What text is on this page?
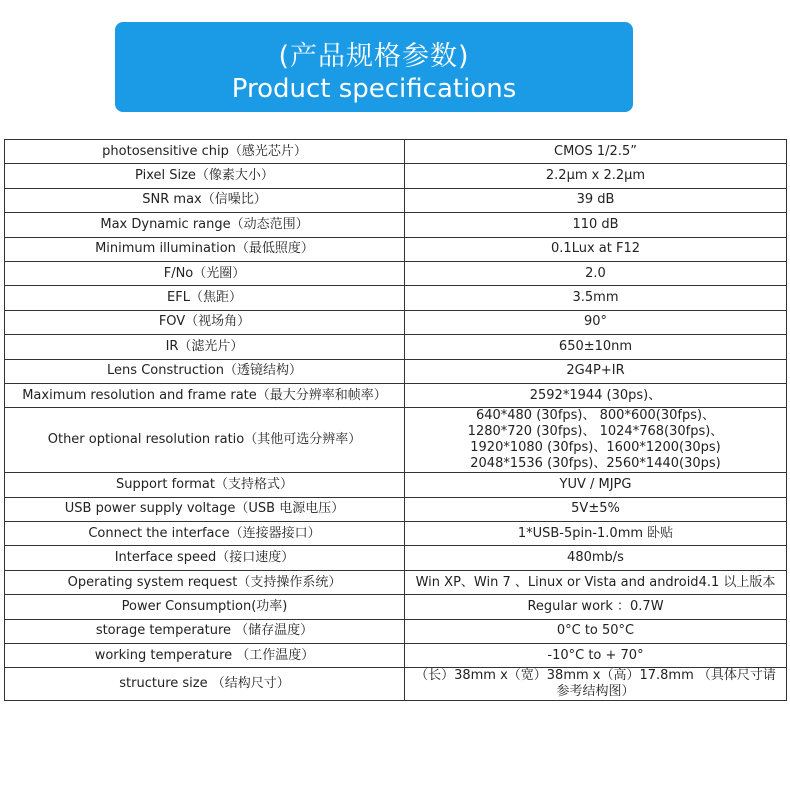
(产品规格参数)
Product specifications
photosensitive chip（感光芯片）	CMOS 1/2.5”
Pixel Size（像素大小）	2.2μm x 2.2μm
SNR max（信噪比）	39 dB
Max Dynamic range（动态范围）	110 dB
Minimum illumination（最低照度）	0.1Lux at F12
F/No（光圈）	2.0
EFL（焦距）	3.5mm
FOV（视场角）	90°
IR（滤光片）	650±10nm
Lens Construction（透镜结构）	2G4P+IR
Maximum resolution and frame rate（最大分辨率和帧率）	2592*1944 (30ps)、
Other optional resolution ratio（其他可选分辨率）	640*480 (30fps)、 800*600(30fps)、
1280*720 (30fps)、 1024*768(30fps)、
1920*1080 (30fps)、1600*1200(30ps)
2048*1536 (30fps)、2560*1440(30ps)

Support format（支持格式）	YUV / MJPG
USB power supply voltage（USB 电源电压）	5V±5%
Connect the interface（连接器接口）	1*USB-5pin-1.0mm 卧贴
Interface speed（接口速度）	480mb/s
Operating system request（支持操作系统）	Win XP、Win 7 、Linux or Vista and android4.1 以上版本
Power Consumption(功率)	Regular work ：0.7W
storage temperature （储存温度）	0°C to 50°C
working temperature （工作温度）	-10°C to + 70°
structure size （结构尺寸）	（长）38mm x（宽）38mm x（高）17.8mm （具体尺寸请参考结构图）
